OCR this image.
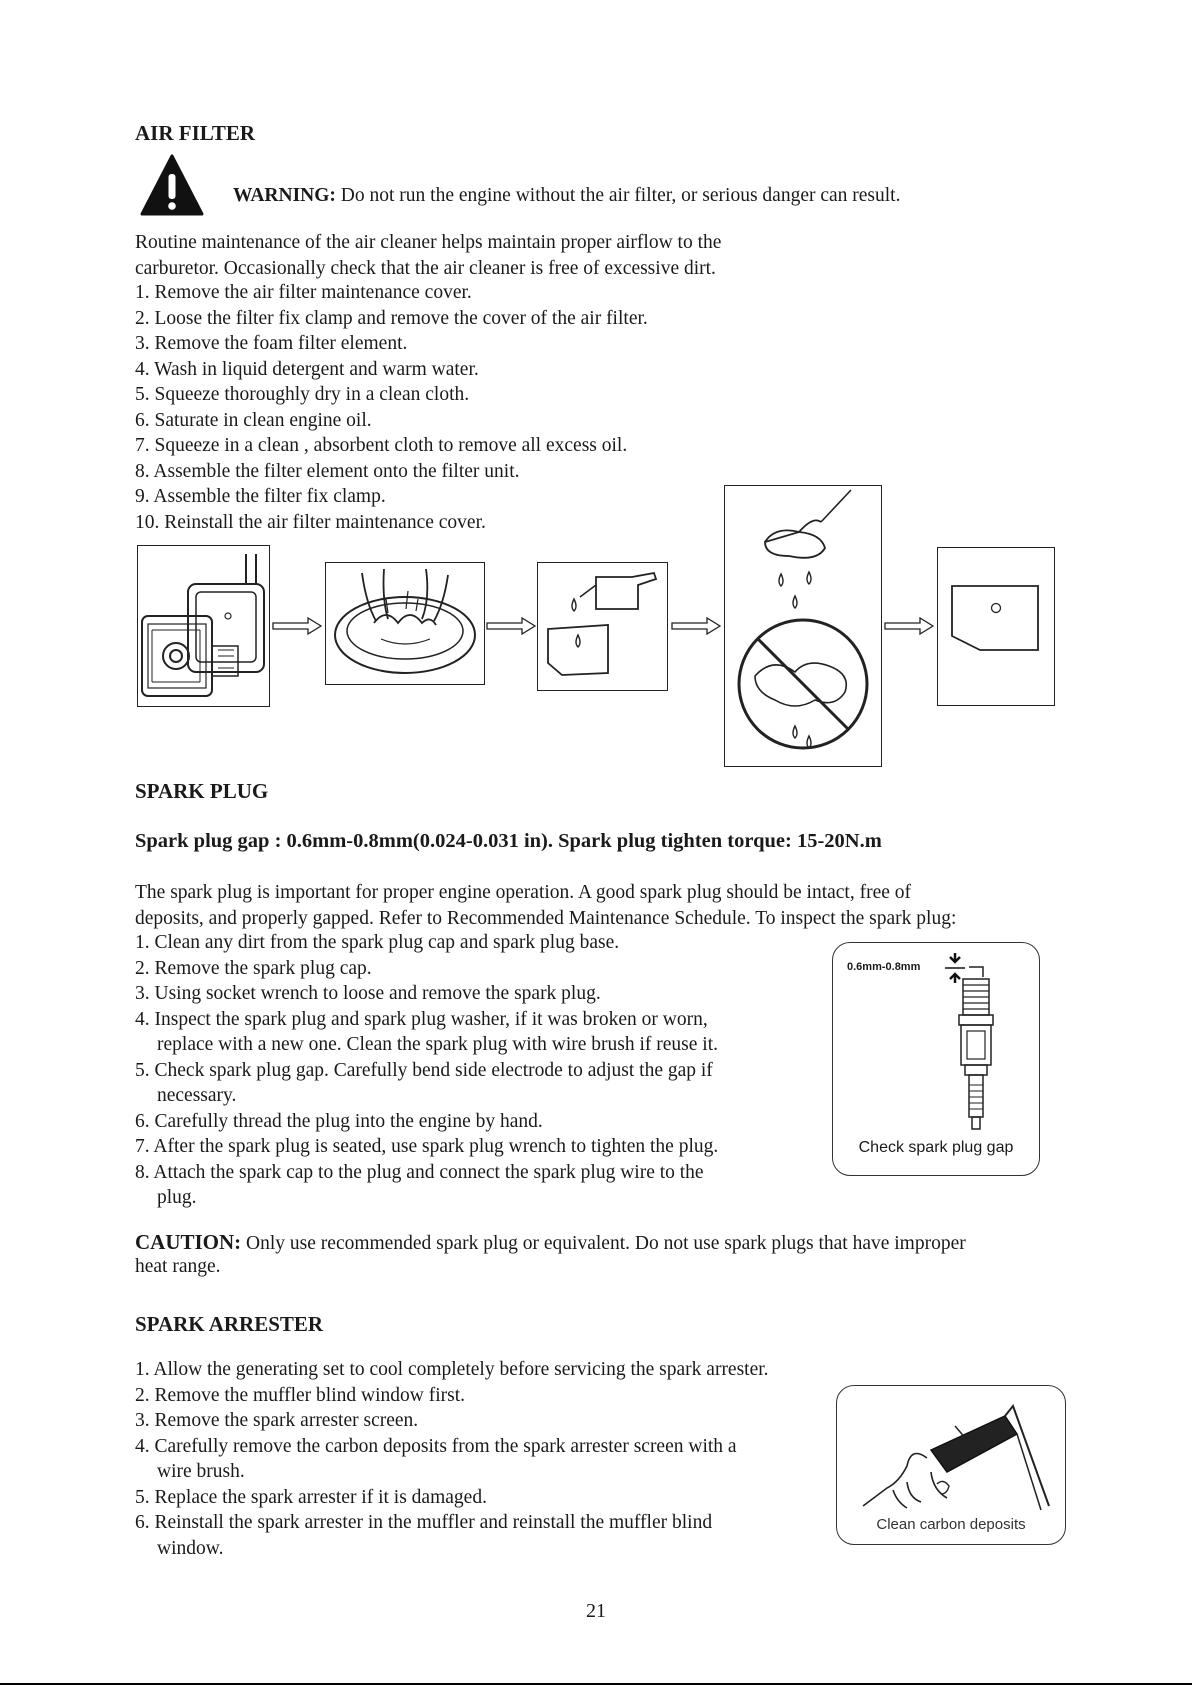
AIR FILTER
WARNING: Do not run the engine without the air filter, or serious danger can result.
Routine maintenance of the air cleaner helps maintain proper airflow to the
carburetor. Occasionally check that the air cleaner is free of excessive dirt.
1. Remove the air filter maintenance cover.
2. Loose the filter fix clamp and remove the cover of the air filter.
3. Remove the foam filter element.
4. Wash in liquid detergent and warm water.
5. Squeeze thoroughly dry in a clean cloth.
6. Saturate in clean engine oil.
7. Squeeze in a clean , absorbent cloth to remove all excess oil.
8. Assemble the filter element onto the filter unit.
9. Assemble the filter fix clamp.
10. Reinstall the air filter maintenance cover.
SPARK PLUG
Spark plug gap : 0.6mm-0.8mm(0.024-0.031 in). Spark plug tighten torque: 15-20N.m
The spark plug is important for proper engine operation. A good spark plug should be intact, free of
deposits, and properly gapped. Refer to Recommended Maintenance Schedule. To inspect the spark plug:
1. Clean any dirt from the spark plug cap and spark plug base.
2. Remove the spark plug cap.
3. Using socket wrench to loose and remove the spark plug.
4. Inspect the spark plug and spark plug washer, if it was broken or worn,
replace with a new one. Clean the spark plug with wire brush if reuse it.
5. Check spark plug gap. Carefully bend side electrode to adjust the gap if
necessary.
6. Carefully thread the plug into the engine by hand.
7. After the spark plug is seated, use spark plug wrench to tighten the plug.
8. Attach the spark cap to the plug and connect the spark plug wire to the
plug.
0.6mm-0.8mm
Check spark plug gap
CAUTION: Only use recommended spark plug or equivalent. Do not use spark plugs that have improper
heat range.
SPARK ARRESTER
1. Allow the generating set to cool completely before servicing the spark arrester.
2. Remove the muffler blind window first.
3. Remove the spark arrester screen.
4. Carefully remove the carbon deposits from the spark arrester screen with a
wire brush.
5. Replace the spark arrester if it is damaged.
6. Reinstall the spark arrester in the muffler and reinstall the muffler blind
window.
Clean carbon deposits
21
